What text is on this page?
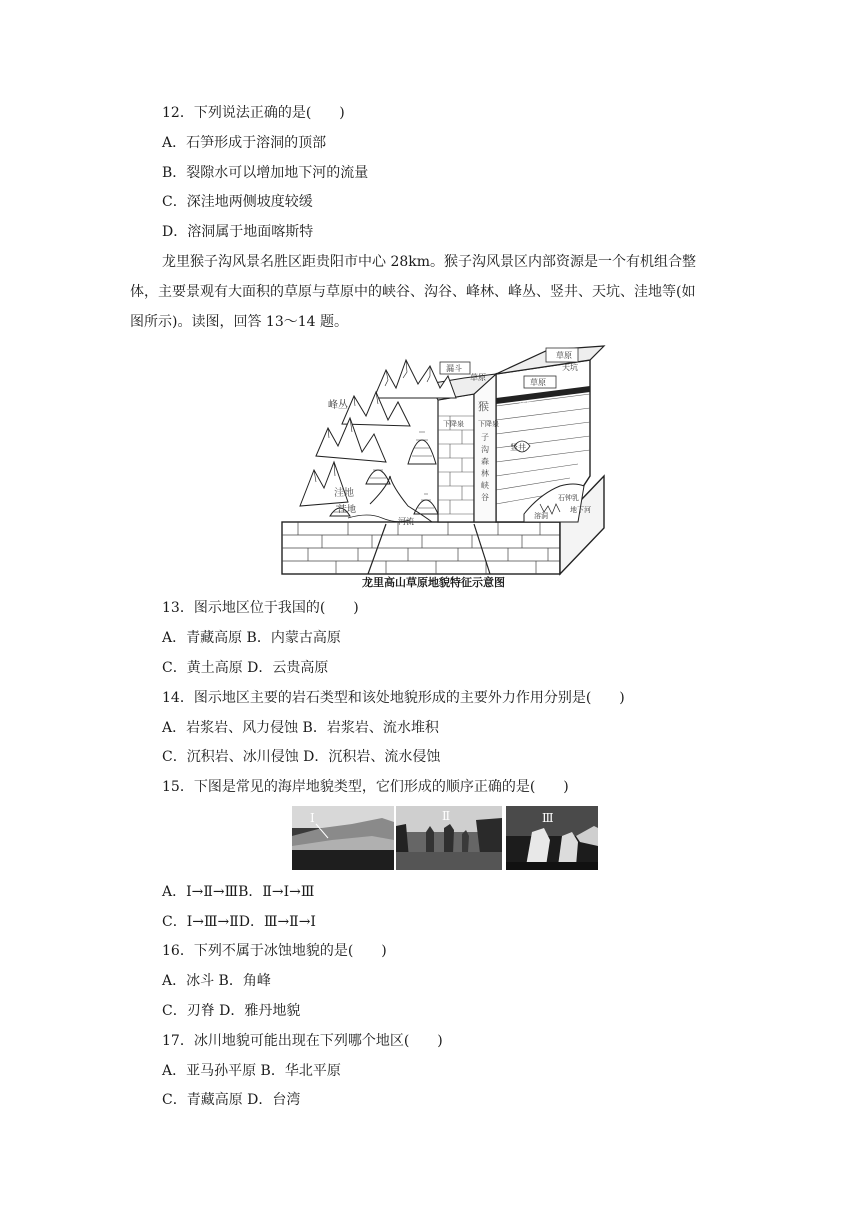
12．下列说法正确的是(　　)
A．石笋形成于溶洞的顶部
B．裂隙水可以增加地下河的流量
C．深洼地两侧坡度较缓
D．溶洞属于地面喀斯特
龙里猴子沟风景名胜区距贵阳市中心 28km。猴子沟风景区内部资源是一个有机组合整
体，主要景观有大面积的草原与草原中的峡谷、沟谷、峰林、峰丛、竖井、天坑、洼地等(如
图所示)。读图，回答 13～14 题。
峰丛
洼地
洼地
草原
草原
草原
草原
漏斗	天坑
竖井
下降泉 下降泉
猴
子
沟
森
林
峡
谷
河流
溶洞
地下河
石钟乳
龙里高山草原地貌特征示意图
13．图示地区位于我国的(　　)
A．青藏高原 B．内蒙古高原
C．黄土高原 D．云贵高原
14．图示地区主要的岩石类型和该处地貌形成的主要外力作用分别是(　　)
A．岩浆岩、风力侵蚀 B．岩浆岩、流水堆积
C．沉积岩、冰川侵蚀 D．沉积岩、流水侵蚀
15．下图是常见的海岸地貌类型，它们形成的顺序正确的是(　　)
Ⅰ	Ⅱ	Ⅲ
A．Ⅰ→Ⅱ→ⅢB．Ⅱ→Ⅰ→Ⅲ
C．Ⅰ→Ⅲ→ⅡD．Ⅲ→Ⅱ→Ⅰ
16．下列不属于冰蚀地貌的是(　　)
A．冰斗 B．角峰
C．刃脊 D．雅丹地貌
17．冰川地貌可能出现在下列哪个地区(　　)
A．亚马孙平原 B．华北平原
C．青藏高原 D．台湾
